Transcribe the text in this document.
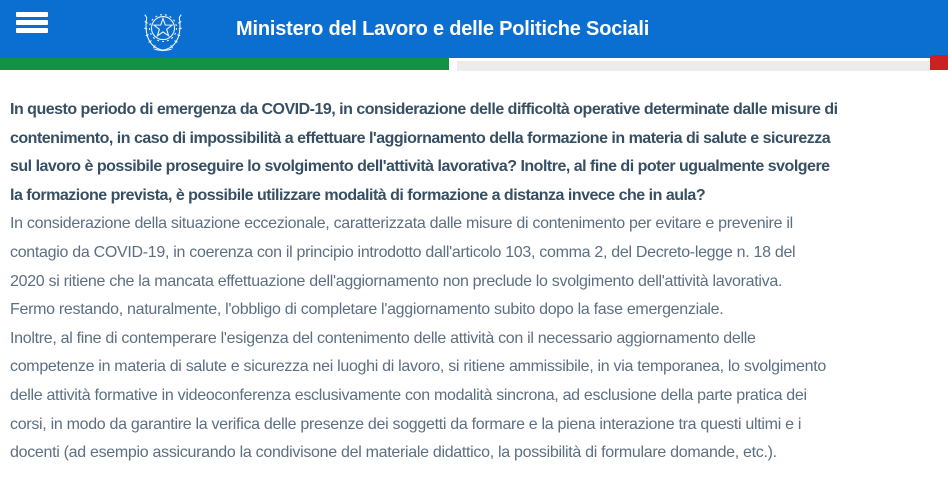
Ministero del Lavoro e delle Politiche Sociali
In questo periodo di emergenza da COVID-19, in considerazione delle difficoltà operative determinate dalle misure di
contenimento, in caso di impossibilità a effettuare l'aggiornamento della formazione in materia di salute e sicurezza
sul lavoro è possibile proseguire lo svolgimento dell'attività lavorativa? Inoltre, al fine di poter ugualmente svolgere
la formazione prevista, è possibile utilizzare modalità di formazione a distanza invece che in aula?
In considerazione della situazione eccezionale, caratterizzata dalle misure di contenimento per evitare e prevenire il
contagio da COVID-19, in coerenza con il principio introdotto dall'articolo 103, comma 2, del Decreto-legge n. 18 del
2020 si ritiene che la mancata effettuazione dell'aggiornamento non preclude lo svolgimento dell'attività lavorativa.
Fermo restando, naturalmente, l'obbligo di completare l'aggiornamento subito dopo la fase emergenziale.
Inoltre, al fine di contemperare l'esigenza del contenimento delle attività con il necessario aggiornamento delle
competenze in materia di salute e sicurezza nei luoghi di lavoro, si ritiene ammissibile, in via temporanea, lo svolgimento
delle attività formative in videoconferenza esclusivamente con modalità sincrona, ad esclusione della parte pratica dei
corsi, in modo da garantire la verifica delle presenze dei soggetti da formare e la piena interazione tra questi ultimi e i
docenti (ad esempio assicurando la condivisone del materiale didattico, la possibilità di formulare domande, etc.).
